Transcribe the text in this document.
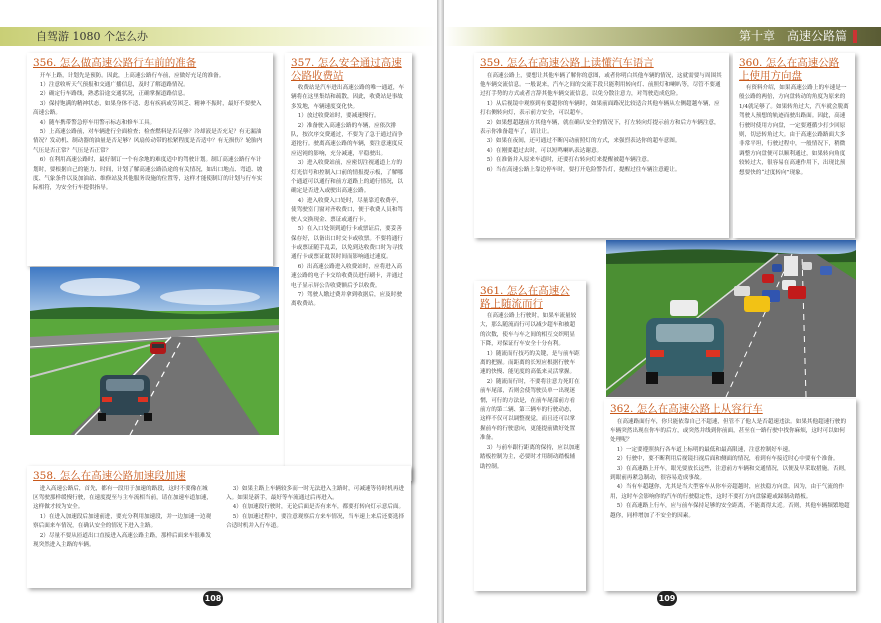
自驾游 1080 个怎么办
356. 怎么做高速公路行车前的准备

开车上路，计划先是预防。因此，上高速公路行车前，应做好充足的准备。

1）注意收听天气预报和交通广播信息，及时了解道路情况。

2）确定行车路线，熟悉沿途交通状况，正确掌握道路信息。

3）保持饱满的精神状态，如果身体不适、患有疾病或劳困乏、精神不振时，最好不要驶入高速公路。

4）随车携带警急停车用警示标志和修车工具。

5）上高速公路前，对车辆进行全面检查；检查燃料是否足够？冷却液是否充足？有无漏油情况？发动机、制动器的油量是否足够？风扇传动带的松紧程度是否适中？有无损伤？轮胎内气压是否正常？气压是否正常？

6）在利用高速公路时，最好制订一个有余地的难度适中的驾驶计划。制订高速公路行车计划时，要根据自己的能力、时间，计划了解高速公路沿途的有关情况，如出口地点、弯道、坡度、气象条件以及加油站、维修站及其他服务设施的位置等，这样才能使制订的计划与行车实际相符，为安全行车提供指导。

357. 怎么安全通过高速公路收费站

收费站是汽车进出高速公路的唯一通道，车辆将在这里集结和疏散，因此，收费站是事故多发地，车辆速度变化快。

1）放过收费站时，要减速慢行。

2）准备驶入高速公路的车辆，应依次排队，按次序交费通过，不要为了急于通过而争道抢行。驶离高速公路的车辆，要注意速度反应迟钝的影响，充分减速，平稳驶出。

3）进入收费站前，应密切注视通道上方的灯光信号和控制入口前的情报提示板，了解哪个通道可以通行和前方道路上的通行情况，以确定是否进入或驶出高速公路。

4）进入收费入口处时，尽量靠近收费亭，使驾驶室门窗对齐收费口，便于收费人员和驾驶人交换现金、票证或通行卡。

5）在入口处领到通行卡或票证后，要妥善保存好，以备出口时交卡或收票。不要将通行卡或票证随手乱丢，以免到达收费口时为寻找通行卡或票证耽误时间而影响通过速度。

6）出高速公路进入收费站时，应将进入高速公路的电子卡交给收费员进行刷卡，并通过电子显示屏公告收费额后予以收费。

7）驾驶人缴过费并拿到收据后，应及时驶离收费站。

358. 怎么在高速公路加速段加速

进入高速公路后，首先，都有一段用于加速的路段，这时不要像在城区驾驶那样缓慢行驶，在速度提至与主车流相当前，请在加速车道加速，这样做才较为安全。

1）在进入加速段后加速前进，要充分利用加速段，并一边加速一边观察后面来车情况，在确认安全的情况下进入主路。

2）尽量不要从匝道出口直接进入高速公路主路，那样后面来车很难发现突然进入主路的车辆。

3）如果主路上车辆较多而一时无法进入主路时，可减速等待时机再进入。如果是新手，最好等车流通过后再进入。

4）在加速段行驶时，无论后面是否有来车，都要打转向灯示意后面。

5）在加速过程中，要注意观察后方来车情况，当车速上来后还要选择合适时机并入行车道。

108
第十章　高速公路篇
359. 怎么在高速公路上读懂汽车语言

在高速公路上，要想让其他车辆了解你的意图，或者你明白其他车辆的情况，这就需要与周围其他车辆交流信息。一般说来，汽车之间的交流手段只能利用转向灯、前照灯和喇叭等，尽管不要通过打手势的方式或者言辞其他车辆交流信息，以免分散注意力，对驾驶造成危险。

1）从后视镜中观察到有要超你的车辆时，如果前面路况比较适合其他车辆从左侧超越车辆，应打右侧转向灯，表示前方安全，可以超车。

2）如果想超越前方其他车辆，就在确认安全的情况下，打左转向灯提示前方和后方车辆注意，表示你准备超车了，请让让。

3）如果在夜间，还可通过不断闪动前照灯的方式，来强烈表达你的超车意图。

4）在刚要超过去时，可以短鸣喇叭表达谢意。

5）在准备并入原来车道时，还要打右转向灯来提醒被超车辆注意。

6）当在高速公路上靠边停车时，要打开危险警告灯，提醒过往车辆注意避让。

360. 怎么在高速公路上使用方向盘

有资料介绍，如果高速公路上的车速是一般公路的两倍，方向盘转动的角度为原来的1/4就足够了。如果转角过大，汽车就会脱离驾驶人预想的轨迹而驶出路面。因此，高速行驶时使用方向盘，一定要遵循少打少回原则，切忌转角过大。由于高速公路路面大多非常平坦，行驶过程中，一般情况下，稍微调整方向盘便可以顺利通过，如果转向角度较转过大，很容易在高速作用下，出现比预想要快的“过度转向”现象。

361. 怎么在高速公路上随流而行

在高速公路上行驶时，如果车流量较大，那么随流而行可以减少超车和被超的次数，使车与车之间的相互交织明显下降，对保证行车安全十分有利。

1）随流而行技巧的关键，是与前车距离的把握。而距离的长短应根据行驶车速的快慢、能见度的高低来灵活掌握。

2）随流而行时，不要将注意力死盯在前车尾部，否则会使驾驶员单一出现迷惘，可行的方法是，在前车尾部前方看前方的第二辆、第三辆车的行驶动态，这样不仅可以调整视觉，而且还可以掌握前车的行驶意向，更能提前做好处置准备。

3）与前车跟行距离的保持，应以加速踏板控制为主，必要时才用制动踏板辅助控制。

362. 怎么在高速公路上从容行车

在高速路面行车，你只能依靠自己不超速，但管不了他人是否超速违法。如果其他超速行驶的车辆突然出现在你车的后方，或突然并线到你前面，甚至在一路行驶中找你麻烦，这时可以如何处理呢？

1）一定要遵照执行各车道上标明的最低和最高限速，注意控制好车速。

2）行驶中，要不断利用后视镜扫视后面和侧面的情况，看到有车接近时心中要有个准备。

3）在高速路上开车，眼光要放长远些，注意前方车辆和交通情况，以便及早采取措施。否则，到眼前再紧急制动，很容易造成事故。

4）当有车超越你，尤其是当大型客车从你车旁超越时，应扶稳方向盘。因为，由于气流的作用，这时车会影响你的汽车的行驶稳定性，这时不要打方向盘躲避或踩制动踏板。

5）在高速路上行车，应与前车保持足够的安全距离，不能离得太近。否则，其他车辆频繁地超越你，同样增加了不安全的因素。

109
